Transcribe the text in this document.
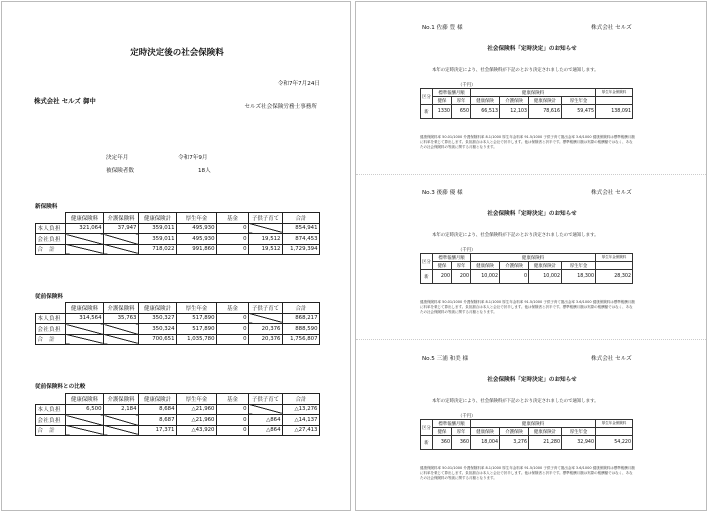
定時決定後の社会保険料
令和7年7月24日
株式会社 セルズ 御中
セルズ社会保険労務士事務所
決定年月	令和7年9月
被保険者数	18人
新保険料
	健康保険料	介護保険料	健康保険計	厚生年金	基金	子供子育て	合計
本人負担	321,064	37,947	359,011	495,930	0		854,941
会社負担			359,011	495,930	0	19,512	874,453
合　計			718,022	991,860	0	19,512	1,729,394
従前保険料
	健康保険料	介護保険料	健康保険計	厚生年金	基金	子供子育て	合計
本人負担	314,564	35,763	350,327	517,890	0		868,217
会社負担			350,324	517,890	0	20,376	888,590
合　計			700,651	1,035,780	0	20,376	1,756,807
従前保険料との比較
	健康保険料	介護保険料	健康保険計	厚生年金	基金	子供子育て	合計
本人負担	6,500	2,184	8,684	△21,960	0		△13,276
会社負担			8,687	△21,960	0	△864	△14,137
合　計			17,371	△43,920	0	△864	△27,413
No.1 佐藤 豊 様	株式会社 セルズ
社会保険料「定時決定」のお知らせ
本年の定時決定により、社会保険料が下記のとおり決定されましたので通知します。
（千円）
区分	標準報酬月額		健康保険料				厚生年金保険料	
	健保	厚年	健康保険	介護保険	健康保険計	厚生年金		
新	1330	650	66,513	12,103	78,616	59,475	138,091	
健康保険料率 50.01/1000 介護保険料率 8.1/1000 厚生年金料率 91.5/1000 子供子育て拠出金率 3.6/1000 健康保険料は標準報酬月額に料率を乗じて算出します。負担割合は本人と会社で折半します。他は保険者と折半です。標準報酬月額は実際の報酬額ではなく、あなたの社会保険料の等級に関する月額となります。
No.3 後藤 優 様	株式会社 セルズ
社会保険料「定時決定」のお知らせ
本年の定時決定により、社会保険料が下記のとおり決定されましたので通知します。
（千円）
区分	標準報酬月額		健康保険料				厚生年金保険料	
	健保	厚年	健康保険	介護保険	健康保険計	厚生年金		
新	200	200	10,002	0	10,002	18,300	28,302	
健康保険料率 50.01/1000 介護保険料率 8.1/1000 厚生年金料率 91.5/1000 子供子育て拠出金率 3.6/1000 健康保険料は標準報酬月額に料率を乗じて算出します。負担割合は本人と会社で折半します。他は保険者と折半です。標準報酬月額は実際の報酬額ではなく、あなたの社会保険料の等級に関する月額となります。
No.5 三浦 和美 様	株式会社 セルズ
社会保険料「定時決定」のお知らせ
本年の定時決定により、社会保険料が下記のとおり決定されましたので通知します。
（千円）
区分	標準報酬月額		健康保険料				厚生年金保険料	
	健保	厚年	健康保険	介護保険	健康保険計	厚生年金		
新	360	360	18,004	3,276	21,280	32,940	54,220	
健康保険料率 50.01/1000 介護保険料率 8.1/1000 厚生年金料率 91.5/1000 子供子育て拠出金率 3.6/1000 健康保険料は標準報酬月額に料率を乗じて算出します。負担割合は本人と会社で折半します。他は保険者と折半です。標準報酬月額は実際の報酬額ではなく、あなたの社会保険料の等級に関する月額となります。
